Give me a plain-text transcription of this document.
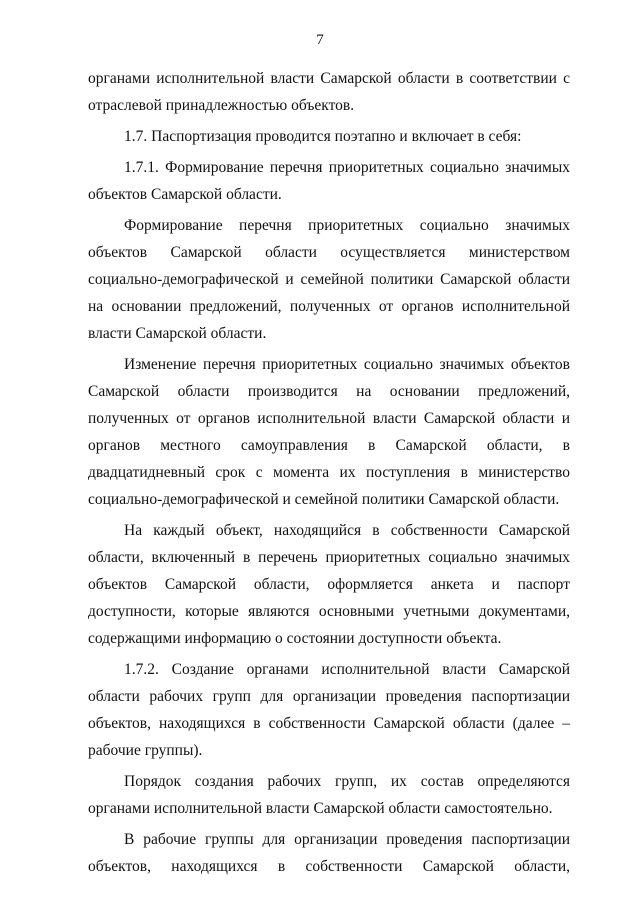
7

органами исполнительной власти Самарской области в соответствии с отраслевой принадлежностью объектов.

1.7. Паспортизация проводится поэтапно и включает в себя:

1.7.1. Формирование перечня приоритетных социально значимых объектов Самарской области.

Формирование перечня приоритетных социально значимых объектов Самарской области осуществляется министерством социально-демографической и семейной политики Самарской области на основании предложений, полученных от органов исполнительной власти Самарской области.

Изменение перечня приоритетных социально значимых объектов Самарской области производится на основании предложений, полученных от органов исполнительной власти Самарской области и органов местного самоуправления в Самарской области, в двадцатидневный срок с момента их поступления в министерство социально-демографической и семейной политики Самарской области.

На каждый объект, находящийся в собственности Самарской области, включенный в перечень приоритетных социально значимых объектов Самарской области, оформляется анкета и паспорт доступности, которые являются основными учетными документами, содержащими информацию о состоянии доступности объекта.

1.7.2. Создание органами исполнительной власти Самарской области рабочих групп для организации проведения паспортизации объектов, находящихся в собственности Самарской области (далее – рабочие группы).

Порядок создания рабочих групп, их состав определяются органами исполнительной власти Самарской области самостоятельно.

В рабочие группы для организации проведения паспортизации объектов, находящихся в собственности Самарской области,
